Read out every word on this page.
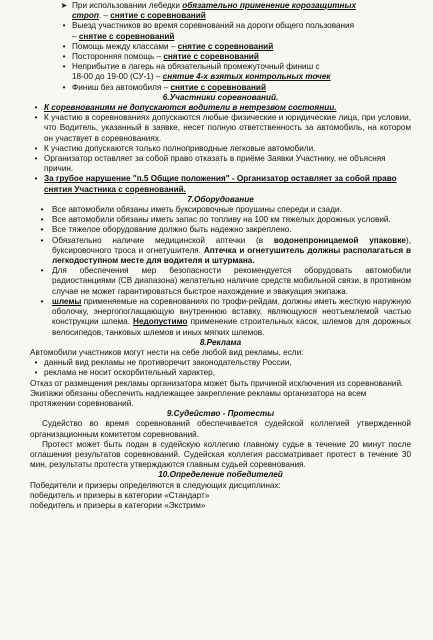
➤ При использовании лебедки обязательно применение корозащитных
строп. – снятие с соревнований

• Выезд участников во время соревнований на дороги общего пользования
– снятие с соревнований

• Помощь между классами – снятие с соревнований

• Посторонняя помощь – снятие с соревнований

• Неприбытие в лагерь на обязательный промежуточный финиш с
18-00 до 19-00 (СУ-1) – снятие 4-х взятых контрольных точек

• Финиш без автомобиля – снятие с соревнований

6.Участники соревнований.

• К соревнованиям не допускаются водители в нетрезвом состоянии.

• К участию в соревнованиях допускаются любые физические и юридические лица, при условии, что Водитель, указанный в заявке, несет полную ответственность за автомобиль, на котором он участвует в соревнованиях.

• К участию допускаются только полноприводные легковые автомобили.

• Организатор оставляет за собой право отказать в приёме Заявки Участнику, не объясняя причин.

• За грубое нарушение "п.5 Общие положения" - Организатор оставляет за собой право снятия Участника с соревнований.

7.Оборудование

•	Все автомобили обязаны иметь буксировочные проушины спереди и сзади.

•	Все автомобили обязаны иметь запас по топливу на 100 км тяжелых дорожных условий.

•	Все тяжелое оборудование должно быть надежно закреплено.

•	Обязательно наличие медицинской аптечки (в водонепроницаемой упаковке), буксировочного троса и огнетушителя. Аптечка и огнетушитель должны располагаться в легкодоступном месте для водителя и штурмана.

•	Для обеспечения мер безопасности рекомендуется оборудовать автомобили радиостанциями (СВ диапазона) желательно наличие средств мобильной связи, в противном случае не может гарантироваться быстрое нахождение и эвакуация экипажа.

•	шлемы применяемые на соревнованиях по трофи-рейдам, должны иметь жесткую наружную оболочку, энергопоглащающую внутреннюю вставку, являющуюся неотъемлемой частью конструкции шлема. Недопустимо применение строительных касок, шлемов для дорожных велосипедов, танковых шлемов и иных мягких шлемов.

8.Реклама

Автомобили участников могут нести на себе любой вид рекламы, если:

• данный вид рекламы не противоречит законодательству России,

• реклама не носит оскорбительный характер,

Отказ от размещения рекламы организатора может быть причиной исключения из соревнований.

Экипажи обязаны обеспечить надлежащее закрепление рекламы организатора на всем протяжении соревнований.

9.Судейство - Протесты

Судейство во время соревнований обеспечивается судейской коллегией утвержденной организационным комитетом соревнований.

Протест может быть подан в судейскую коллегию главному судье в течение 20 минут после оглашения результатов соревнований. Судейская коллегия рассматривает протест в течение 30 мин, результаты протеста утверждаются главным судьей соревнования.

10.Определение победителей

Победители и призеры определяются в следующих дисциплинах:

победитель и призеры в категории «Стандарт»

победитель и призеры в категории «Экстрим»
